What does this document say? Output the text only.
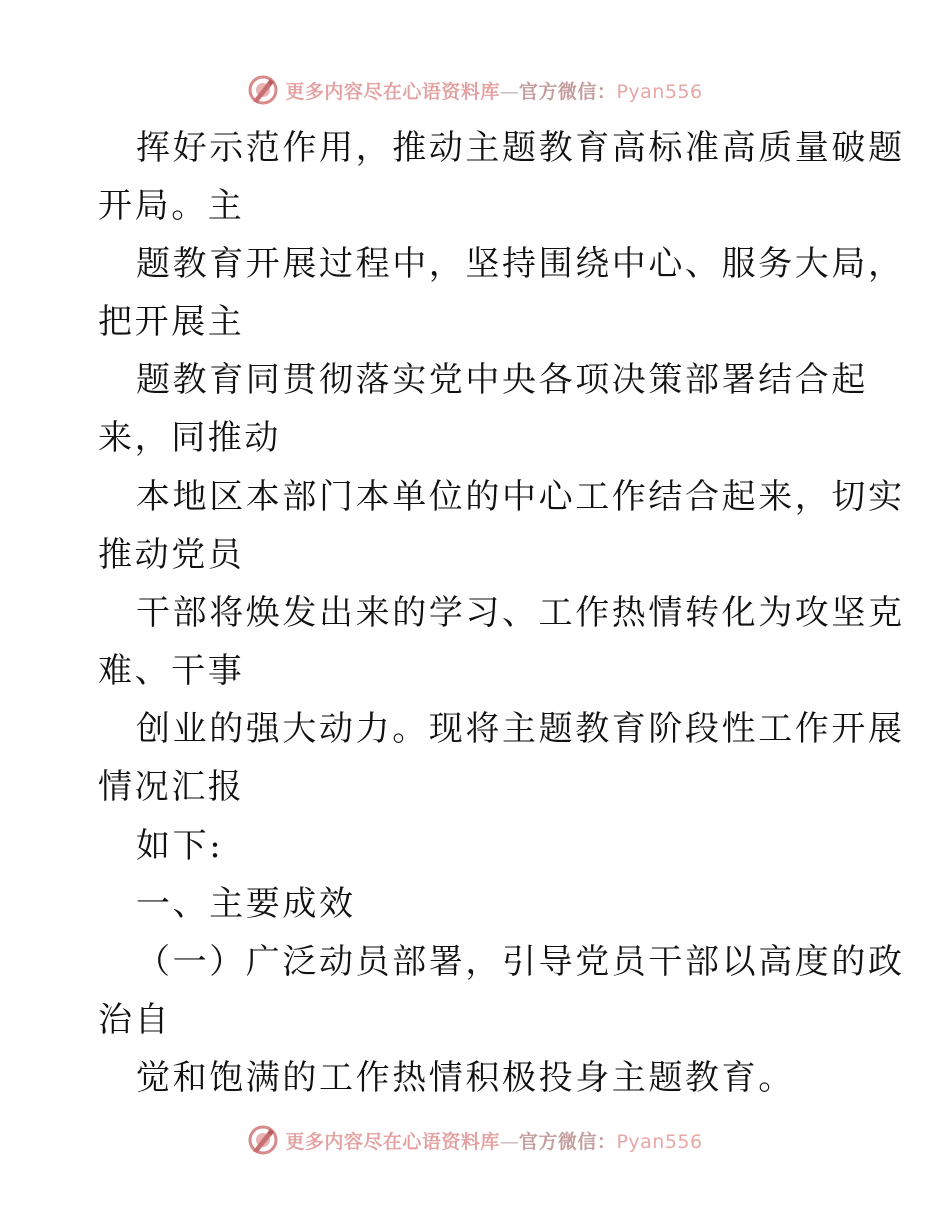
更多内容尽在心语资料库—官方微信：Pyan556
挥好示范作用，推动主题教育高标准高质量破题
开局。主
题教育开展过程中，坚持围绕中心、服务大局，
把开展主
题教育同贯彻落实党中央各项决策部署结合起
来，同推动
本地区本部门本单位的中心工作结合起来，切实
推动党员
干部将焕发出来的学习、工作热情转化为攻坚克
难、干事
创业的强大动力。现将主题教育阶段性工作开展
情况汇报
如下:
一、主要成效
（一）广泛动员部署，引导党员干部以高度的政
治自
觉和饱满的工作热情积极投身主题教育。
更多内容尽在心语资料库—官方微信：Pyan556
